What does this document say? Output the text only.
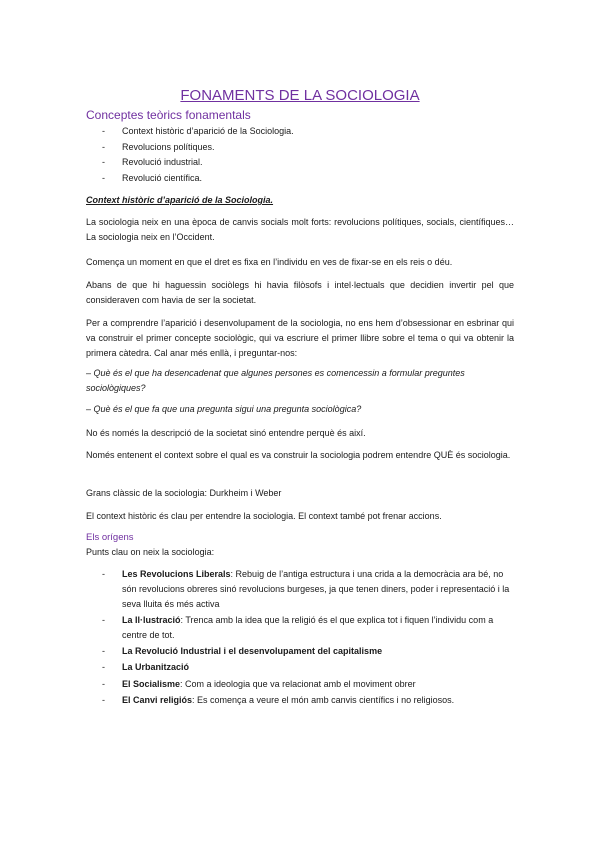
FONAMENTS DE LA SOCIOLOGIA
Conceptes teòrics fonamentals
- Context històric d’aparició de la Sociologia.
- Revolucions polítiques.
- Revolució industrial.
- Revolució científica.

Context històric d’aparició de la Sociologia.

La sociologia neix en una època de canvis socials molt forts: revolucions polítiques, socials, científiques… La sociologia neix en l’Occident.

Comença un moment en que el dret es fixa en l’individu en ves de fixar-se en els reis o déu.

Abans de que hi haguessin sociòlegs hi havia filòsofs i intel·lectuals que decidien invertir pel que consideraven com havia de ser la societat.

Per a comprendre l’aparició i desenvolupament de la sociologia, no ens hem d’obsessionar en esbrinar qui va construir el primer concepte sociològic, qui va escriure el primer llibre sobre el tema o qui va obtenir la primera càtedra. Cal anar més enllà, i preguntar-nos:

– Què és el que ha desencadenat que algunes persones es comencessin a formular preguntes sociològiques?

– Què és el que fa que una pregunta sigui una pregunta sociològica?

No és només la descripció de la societat sinó entendre perquè és així.

Només entenent el context sobre el qual es va construir la sociologia podrem entendre QUÈ és sociologia.

Grans clàssic de la sociologia: Durkheim i Weber

El context històric és clau per entendre la sociologia. El context també pot frenar accions.

Els orígens

Punts clau on neix la sociologia:

- Les Revolucions Liberals: Rebuig de l’antiga estructura i una crida a la democràcia ara bé, no són revolucions obreres sinó revolucions burgeses, ja que tenen diners, poder i representació i la seva lluita és més activa
- La Il·lustració: Trenca amb la idea que la religió és el que explica tot i fiquen l’individu com a centre de tot.
- La Revolució Industrial i el desenvolupament del capitalisme
- La Urbanització
- El Socialisme: Com a ideologia que va relacionat amb el moviment obrer
- El Canvi religiós: Es comença a veure el món amb canvis científics i no religiosos.
